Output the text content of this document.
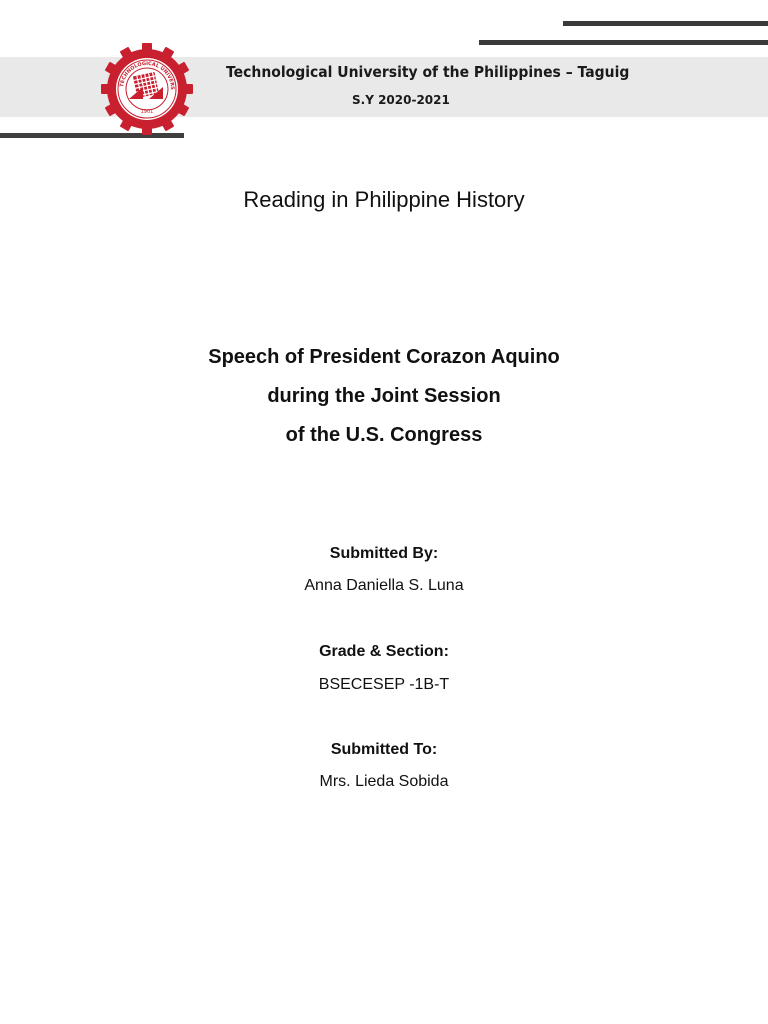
TECHNOLOGICAL UNIVERS
1901
Technological University of the Philippines – Taguig
S.Y 2020-2021
Reading in Philippine History
Speech of President Corazon Aquino
during the Joint Session
of the U.S. Congress
Submitted By:
Anna Daniella S. Luna
Grade & Section:
BSECESEP -1B-T
Submitted To:
Mrs. Lieda Sobida
